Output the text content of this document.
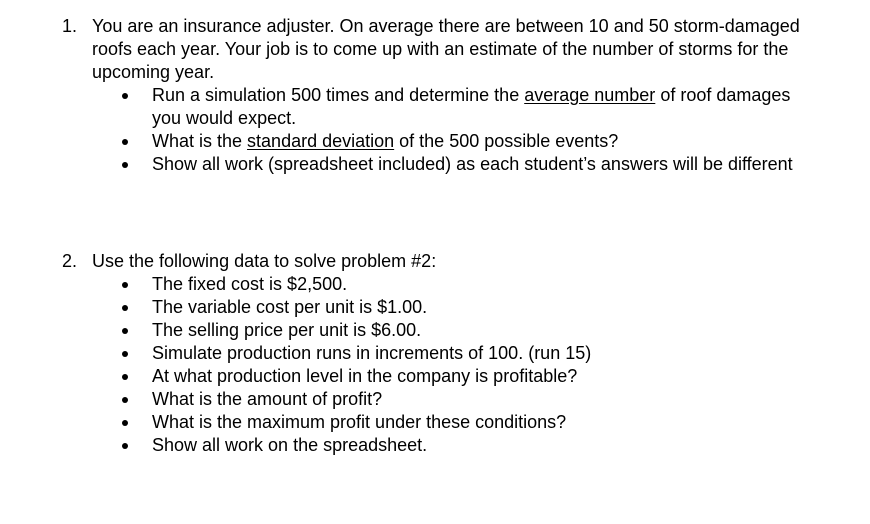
1. You are an insurance adjuster. On average there are between 10 and 50 storm-damaged roofs each year. Your job is to come up with an estimate of the number of storms for the upcoming year.
Run a simulation 500 times and determine the average number of roof damages you would expect.
What is the standard deviation of the 500 possible events?
Show all work (spreadsheet included) as each student’s answers will be different
2. Use the following data to solve problem #2:
The fixed cost is $2,500.
The variable cost per unit is $1.00.
The selling price per unit is $6.00.
Simulate production runs in increments of 100. (run 15)
At what production level in the company is profitable?
What is the amount of profit?
What is the maximum profit under these conditions?
Show all work on the spreadsheet.
